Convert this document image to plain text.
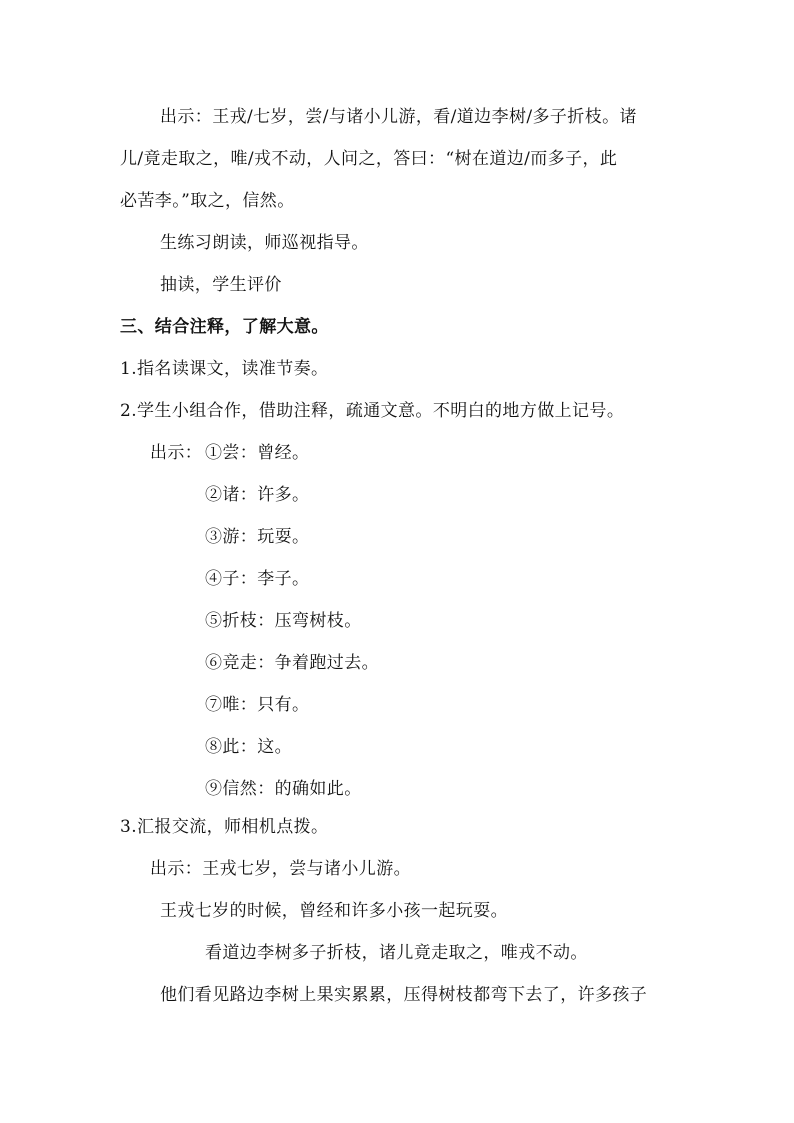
出示：王戎/七岁，尝/与诸小儿游，看/道边李树/多子折枝。诸
儿/竟走取之，唯/戎不动，人问之，答曰：“树在道边/而多子，此
必苦李。”取之，信然。
生练习朗读，师巡视指导。
抽读，学生评价
三、结合注释，了解大意。
1.指名读课文，读准节奏。
2.学生小组合作，借助注释，疏通文意。不明白的地方做上记号。
出示： ①尝：曾经。
②诸：许多。
③游：玩耍。
④子：李子。
⑤折枝：压弯树枝。
⑥竞走：争着跑过去。
⑦唯：只有。
⑧此：这。
⑨信然：的确如此。
3.汇报交流，师相机点拨。
出示：王戎七岁，尝与诸小儿游。
王戎七岁的时候，曾经和许多小孩一起玩耍。
看道边李树多子折枝，诸儿竟走取之，唯戎不动。
他们看见路边李树上果实累累，压得树枝都弯下去了，许多孩子
